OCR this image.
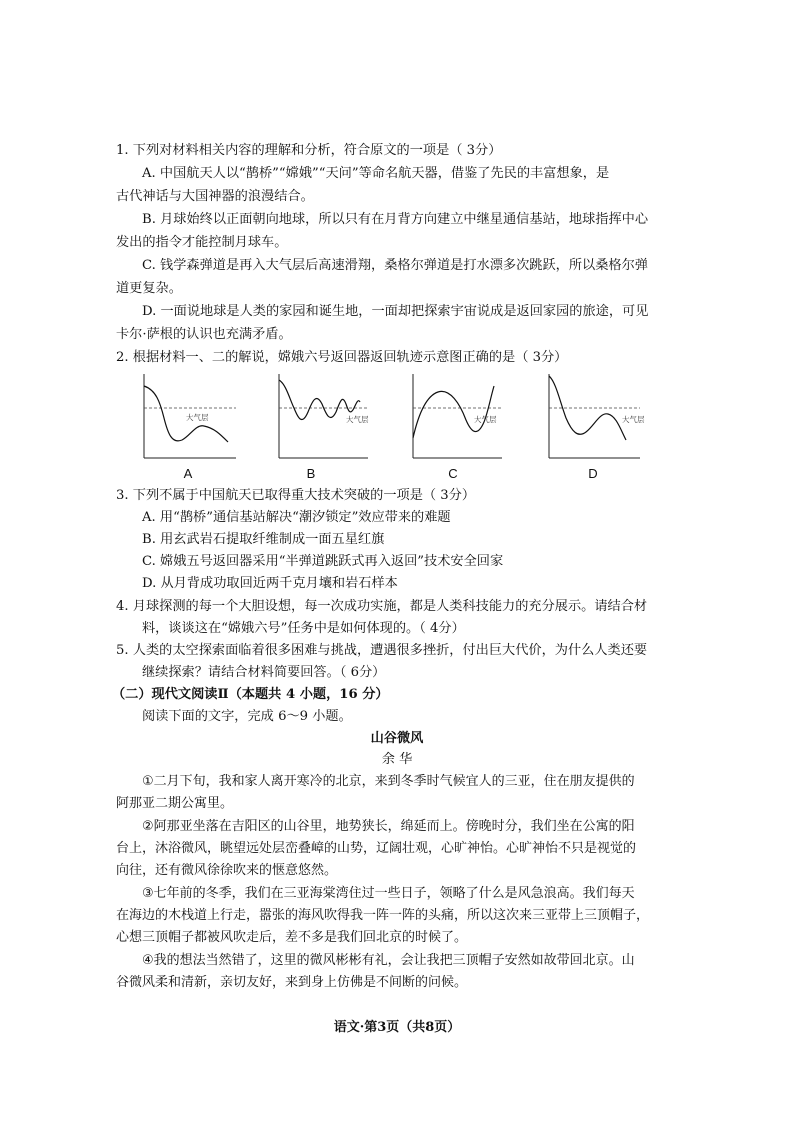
1. 下列对材料相关内容的理解和分析，符合原文的一项是（ 3分）
A. 中国航天人以“鹊桥”“嫦娥”“天问”等命名航天器，借鉴了先民的丰富想象，是
古代神话与大国神器的浪漫结合。
B. 月球始终以正面朝向地球，所以只有在月背方向建立中继星通信基站，地球指挥中心
发出的指令才能控制月球车。
C. 钱学森弹道是再入大气层后高速滑翔，桑格尔弹道是打水漂多次跳跃，所以桑格尔弹
道更复杂。
D. 一面说地球是人类的家园和诞生地，一面却把探索宇宙说成是返回家园的旅途，可见
卡尔·萨根的认识也充满矛盾。
2. 根据材料一、二的解说，嫦娥六号返回器返回轨迹示意图正确的是（ 3分）
大气层
A
大气层
B
大气层
C
大气层
D
3. 下列不属于中国航天已取得重大技术突破的一项是（ 3分）
A. 用“鹊桥”通信基站解决“潮汐锁定”效应带来的难题
B. 用玄武岩石提取纤维制成一面五星红旗
C. 嫦娥五号返回器采用“半弹道跳跃式再入返回”技术安全回家
D. 从月背成功取回近两千克月壤和岩石样本
4. 月球探测的每一个大胆设想，每一次成功实施，都是人类科技能力的充分展示。请结合材
料，谈谈这在“嫦娥六号”任务中是如何体现的。（ 4分）
5. 人类的太空探索面临着很多困难与挑战，遭遇很多挫折，付出巨大代价，为什么人类还要
继续探索？请结合材料简要回答。（ 6分）
（二）现代文阅读Ⅱ（本题共 4 小题，16 分）
阅读下面的文字，完成 6～9 小题。
山谷微风
余 华
①二月下旬，我和家人离开寒冷的北京，来到冬季时气候宜人的三亚，住在朋友提供的
阿那亚二期公寓里。
②阿那亚坐落在吉阳区的山谷里，地势狭长，绵延而上。傍晚时分，我们坐在公寓的阳
台上，沐浴微风，眺望远处层峦叠嶂的山势，辽阔壮观，心旷神怡。心旷神怡不只是视觉的
向往，还有微风徐徐吹来的惬意悠然。
③七年前的冬季，我们在三亚海棠湾住过一些日子，领略了什么是风急浪高。我们每天
在海边的木栈道上行走，嚣张的海风吹得我一阵一阵的头痛，所以这次来三亚带上三顶帽子，
心想三顶帽子都被风吹走后，差不多是我们回北京的时候了。
④我的想法当然错了，这里的微风彬彬有礼，会让我把三顶帽子安然如故带回北京。山
谷微风柔和清新，亲切友好，来到身上仿佛是不间断的问候。
语文·第3页（共8页）
